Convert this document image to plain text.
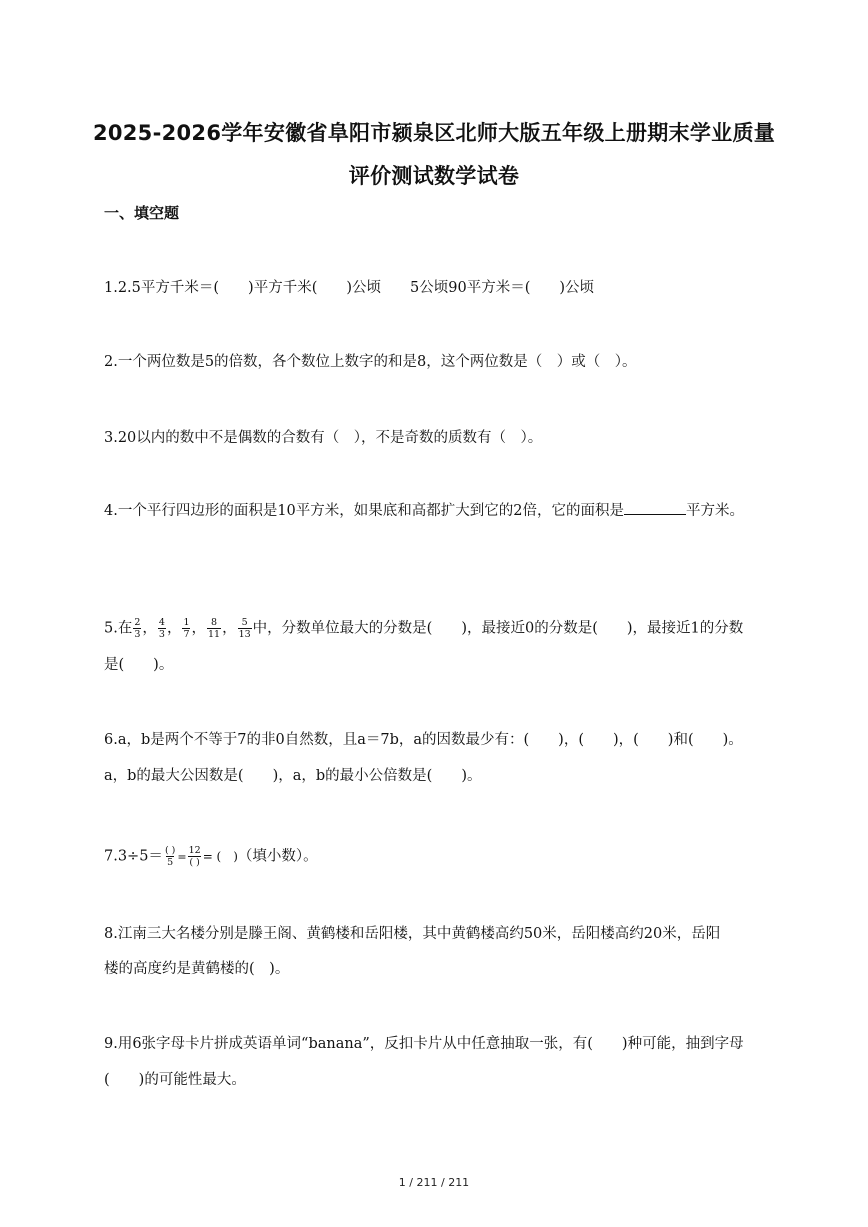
2025-2026学年安徽省阜阳市颍泉区北师大版五年级上册期末学业质量
评价测试数学试卷
一、填空题
1.2.5平方千米＝(　　)平方千米(　　)公顷　　5公顷90平方米＝(　　)公顷
2.一个两位数是5的倍数，各个数位上数字的和是8，这个两位数是（　）或（　）。
3.20以内的数中不是偶数的合数有（　），不是奇数的质数有（　）。
4.一个平行四边形的面积是10平方米，如果底和高都扩大到它的2倍，它的面积是	平方米。
5.在 $\frac{2}{3}$ ， $\frac{4}{3}$ ， $\frac{1}{7}$ ， $\frac{8}{11}$ ， $\frac{5}{13}$ 中，分数单位最大的分数是(　　)，最接近0的分数是(　　)，最接近1的分数
是(　　)。
6.a，b是两个不等于7的非0自然数，且a＝7b，a的因数最少有：(　　)，(　　)，(　　)和(　　)。
a，b的最大公因数是(　　)，a，b的最小公倍数是(　　)。
$7.3\div 5= \frac{( )}{5} = \frac{12}{( )}$ = (　)（填小数）。
8.江南三大名楼分别是滕王阁、黄鹤楼和岳阳楼，其中黄鹤楼高约50米，岳阳楼高约20米，岳阳
楼的高度约是黄鹤楼的(　)。
9.用6张字母卡片拼成英语单词“banana”，反扣卡片从中任意抽取一张，有(　　)种可能，抽到字母
(　　)的可能性最大。
1 / 211 / 211
